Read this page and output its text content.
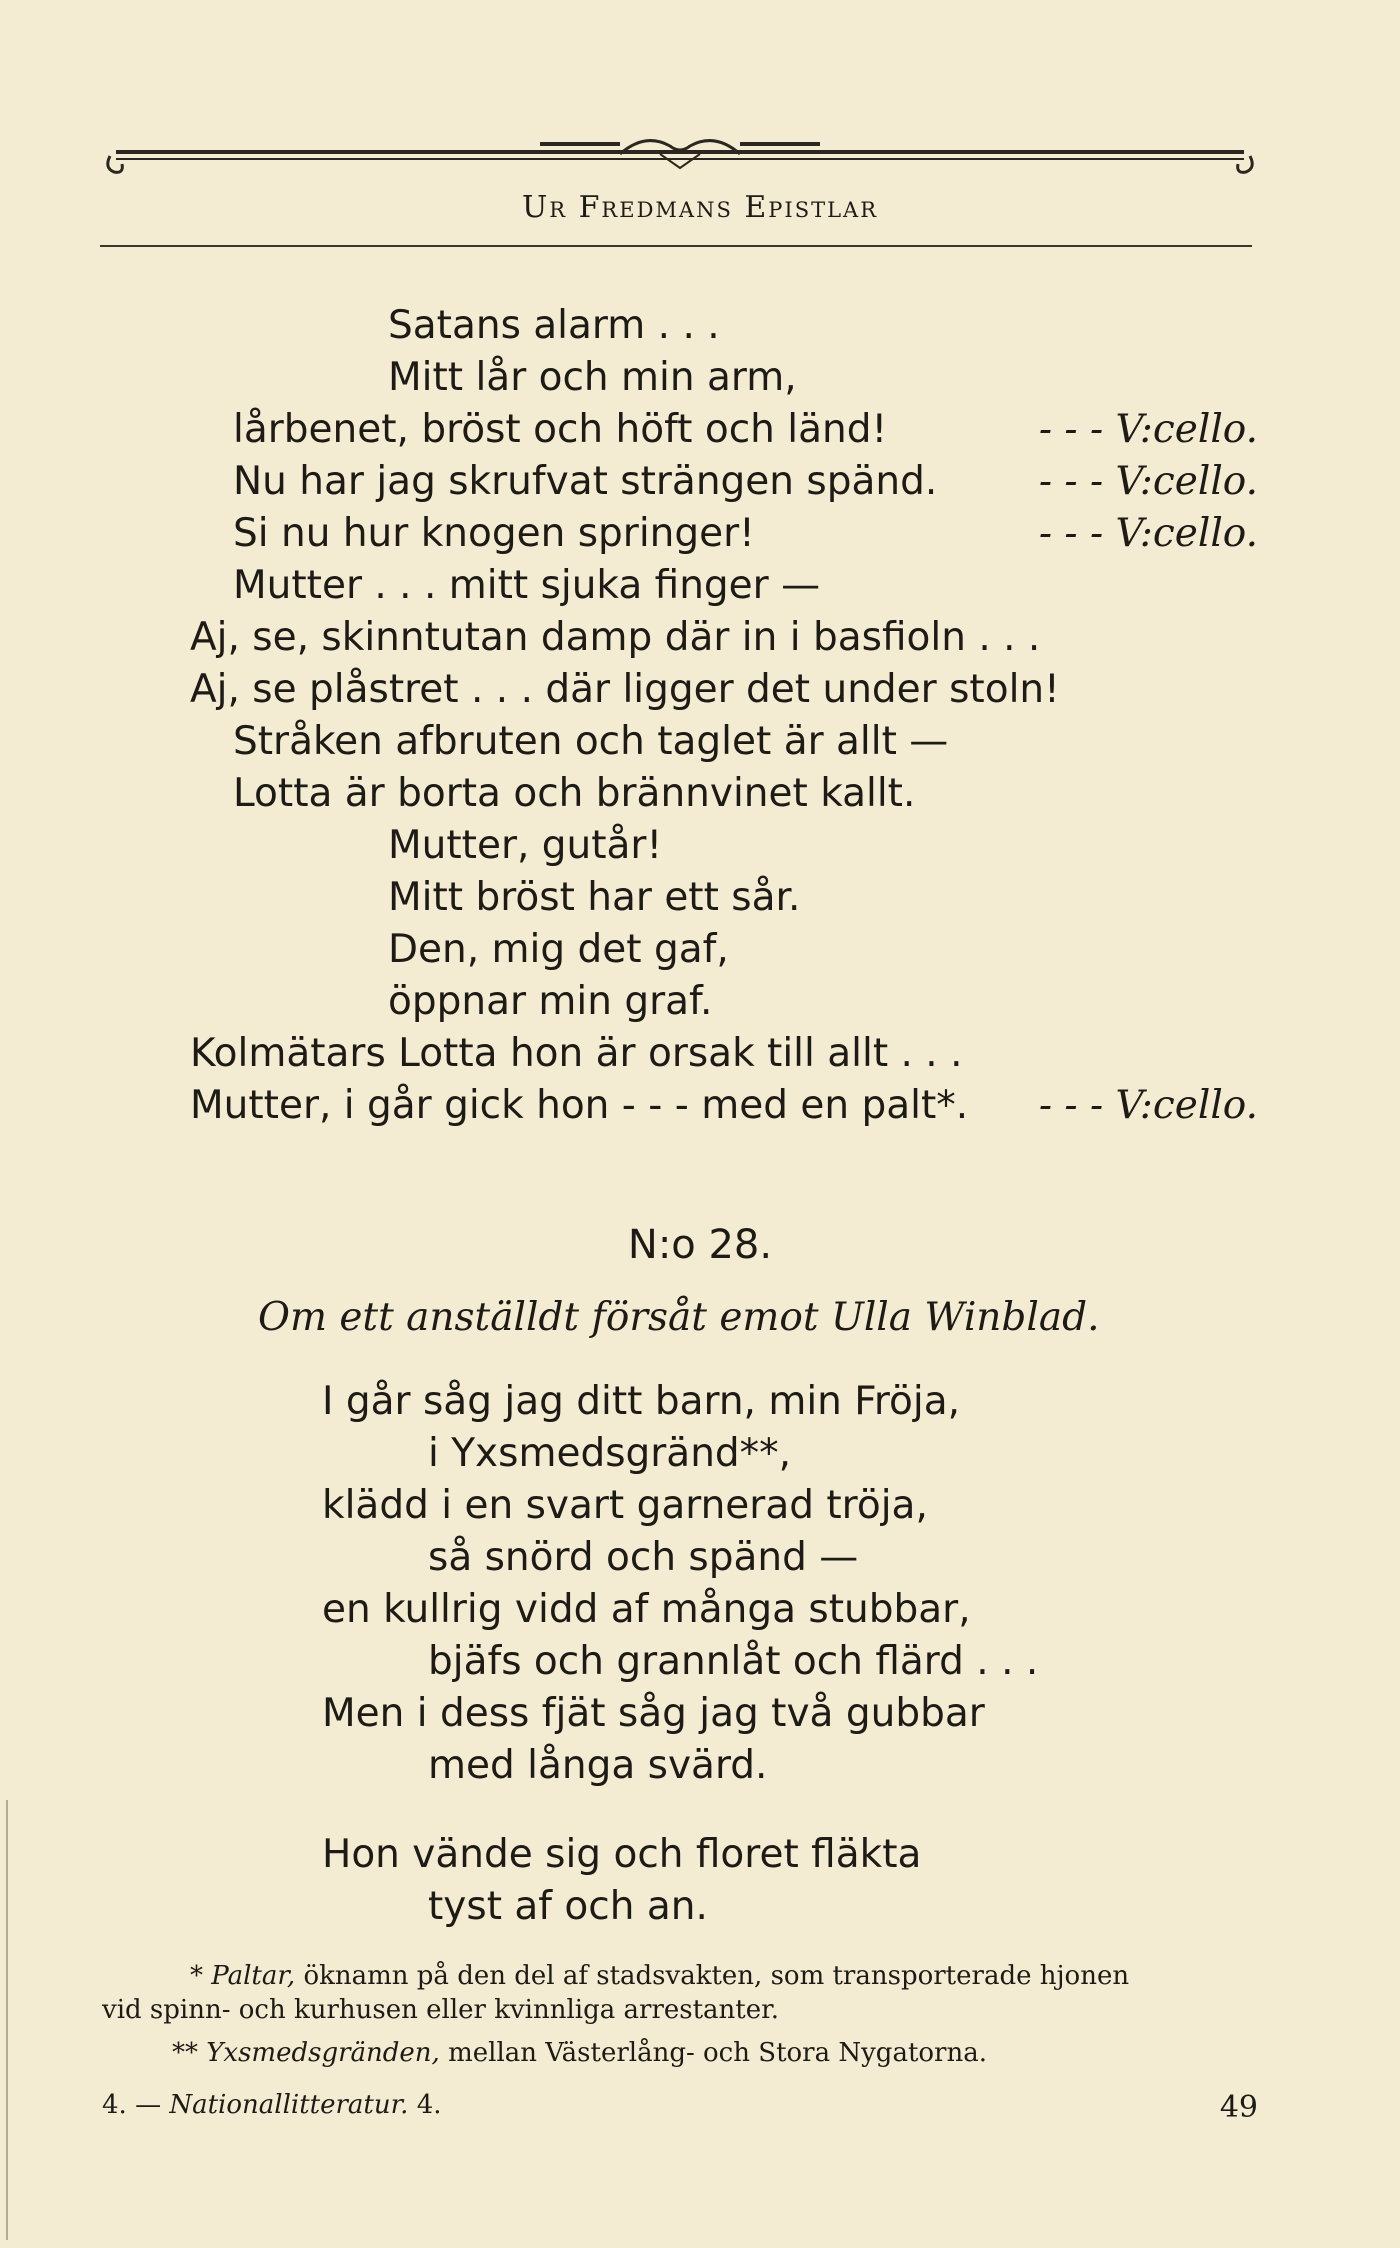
Ur Fredmans Epistlar
Satans alarm . . .
Mitt lår och min arm,
lårbenet, bröst och höft och länd!	- - - V:cello.
Nu har jag skrufvat strängen spänd.	- - - V:cello.
Si nu hur knogen springer!	- - - V:cello.
Mutter . . . mitt sjuka finger —
Aj, se, skinntutan damp där in i basfioln . . .
Aj, se plåstret . . . där ligger det under stoln!
Stråken afbruten och taglet är allt —
Lotta är borta och brännvinet kallt.
Mutter, gutår!
Mitt bröst har ett sår.
Den, mig det gaf,
öppnar min graf.
Kolmätars Lotta hon är orsak till allt . . .
Mutter, i går gick hon - - - med en palt*. - - - V:cello.
N:o 28.
Om ett anställdt försåt emot Ulla Winblad.
I går såg jag ditt barn, min Fröja,
i Yxsmedsgränd**,
klädd i en svart garnerad tröja,
så snörd och spänd —
en kullrig vidd af många stubbar,
bjäfs och grannlåt och flärd . . .
Men i dess fjät såg jag två gubbar
med långa svärd.
Hon vände sig och floret fläkta
tyst af och an.
* Paltar, öknamn på den del af stadsvakten, som transporterade hjonen
vid spinn- och kurhusen eller kvinnliga arrestanter.
** Yxsmedsgränden, mellan Västerlång- och Stora Nygatorna.
4. — Nationallitteratur. 4.	49
